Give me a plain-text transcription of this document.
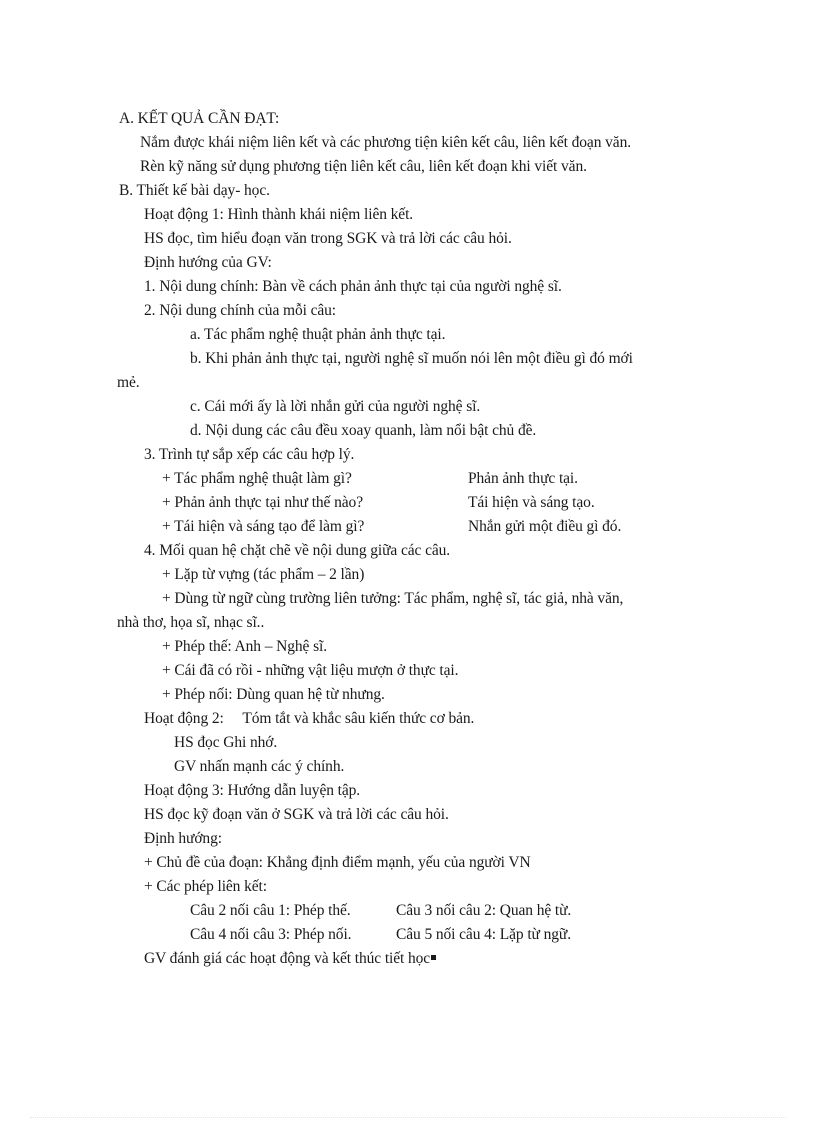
A. KẾT QUẢ CẦN ĐẠT:
Nắm được khái niệm liên kết và các phương tiện kiên kết câu, liên kết đoạn văn.
Rèn kỹ năng sử dụng phương tiện liên kết câu, liên kết đoạn khi viết văn.
B. Thiết kế bài dạy- học.
Hoạt động 1: Hình thành khái niệm liên kết.
HS đọc, tìm hiểu đoạn văn trong SGK và trả lời các câu hỏi.
Định hướng của GV:
1. Nội dung chính: Bàn về cách phản ảnh thực tại của người nghệ sĩ.
2. Nội dung chính của mỗi câu:
a. Tác phẩm nghệ thuật phản ảnh thực tại.
b. Khi phản ảnh thực tại, người nghệ sĩ muốn nói lên một điều gì đó mới
mẻ.
c. Cái mới ấy là lời nhắn gửi của người nghệ sĩ.
d. Nội dung các câu đều xoay quanh, làm nổi bật chủ đề.
3. Trình tự sắp xếp các câu hợp lý.
+ Tác phẩm nghệ thuật làm gì?	Phản ảnh thực tại.
+ Phản ảnh thực tại như thế nào?	Tái hiện và sáng tạo.
+ Tái hiện và sáng tạo để làm gì?	Nhắn gửi một điều gì đó.
4. Mối quan hệ chặt chẽ về nội dung giữa các câu.
+ Lặp từ vựng (tác phẩm – 2 lần)
+ Dùng từ ngữ cùng trường liên tưởng: Tác phẩm, nghệ sĩ, tác giả, nhà văn,
nhà thơ, họa sĩ, nhạc sĩ..
+ Phép thế: Anh – Nghệ sĩ.
+ Cái đã có rồi - những vật liệu mượn ở thực tại.
+ Phép nối: Dùng quan hệ từ nhưng.
Hoạt động 2:     Tóm tắt và khắc sâu kiến thức cơ bản.
HS đọc Ghi nhớ.
GV nhấn mạnh các ý chính.
Hoạt động 3: Hướng dẫn luyện tập.
HS đọc kỹ đoạn văn ở SGK và trả lời các câu hỏi.
Định hướng:
+ Chủ đề của đoạn: Khẳng định điểm mạnh, yếu của người VN
+ Các phép liên kết:
Câu 2 nối câu 1: Phép thế.	Câu 3 nối câu 2: Quan hệ từ.
Câu 4 nối câu 3: Phép nối.	Câu 5 nối câu 4: Lặp từ ngữ.
GV đánh giá các hoạt động và kết thúc tiết học
